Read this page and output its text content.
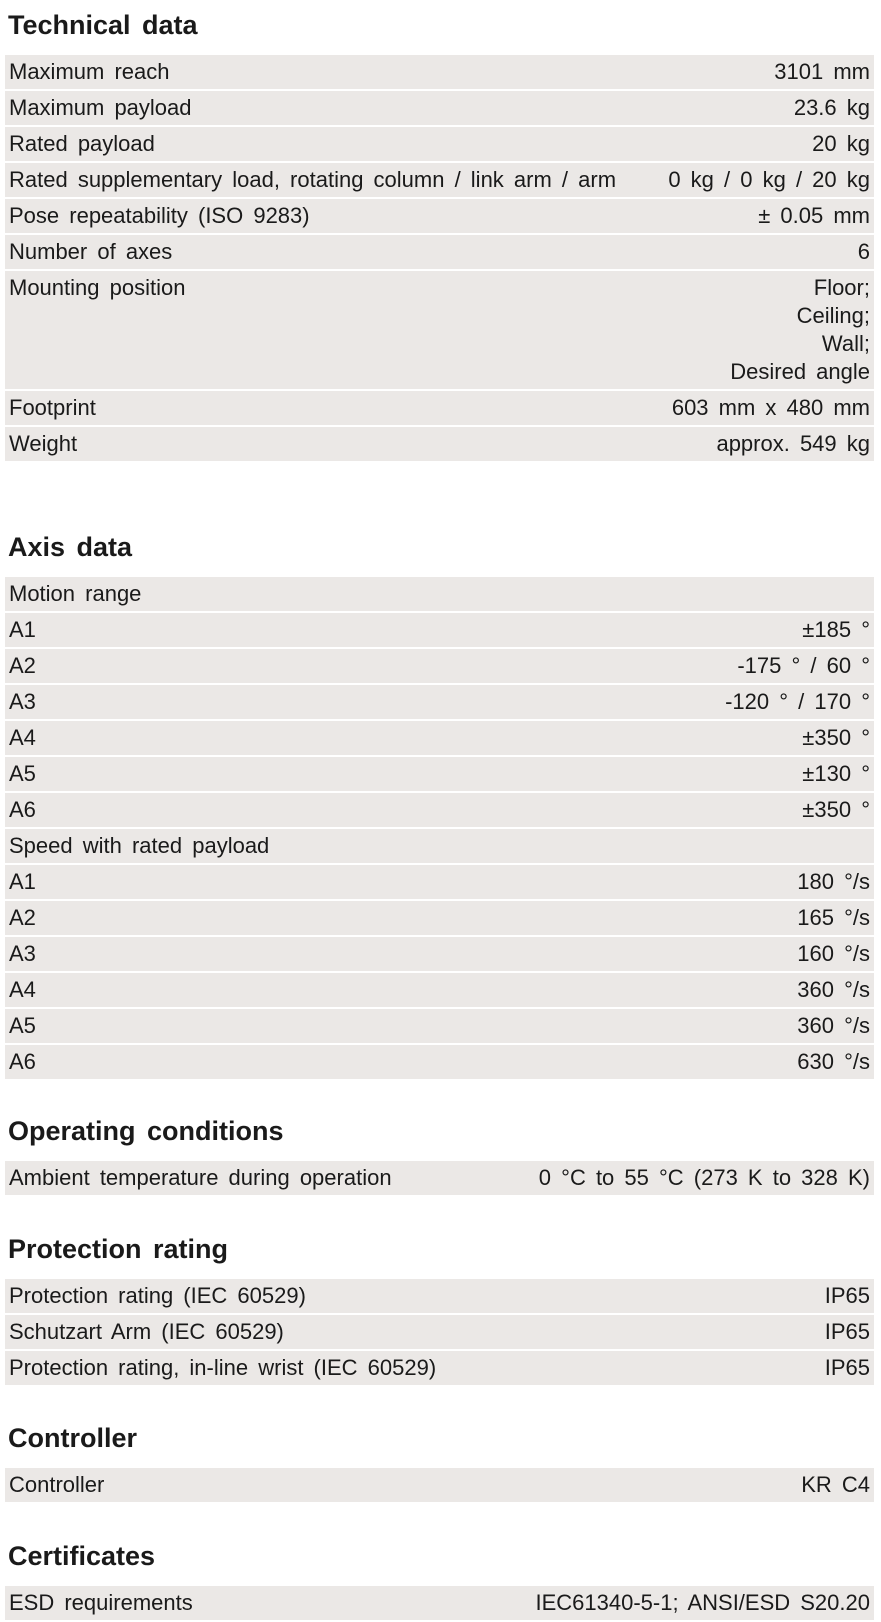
Technical data
Maximum reach	3101 mm
Maximum payload	23.6 kg
Rated payload	20 kg
Rated supplementary load, rotating column / link arm / arm	0 kg / 0 kg / 20 kg
Pose repeatability (ISO 9283)	± 0.05 mm
Number of axes	6
Mounting position	Floor;
Ceiling;
Wall;
Desired angle
Footprint	603 mm x 480 mm
Weight	approx. 549 kg
Axis data
Motion range
A1	±185 °
A2	-175 ° / 60 °
A3	-120 ° / 170 °
A4	±350 °
A5	±130 °
A6	±350 °
Speed with rated payload
A1	180 °/s
A2	165 °/s
A3	160 °/s
A4	360 °/s
A5	360 °/s
A6	630 °/s
Operating conditions
Ambient temperature during operation	0 °C to 55 °C (273 K to 328 K)
Protection rating
Protection rating (IEC 60529)	IP65
Schutzart Arm (IEC 60529)	IP65
Protection rating, in-line wrist (IEC 60529)	IP65
Controller
Controller	KR C4
Certificates
ESD requirements	IEC61340-5-1; ANSI/ESD S20.20
